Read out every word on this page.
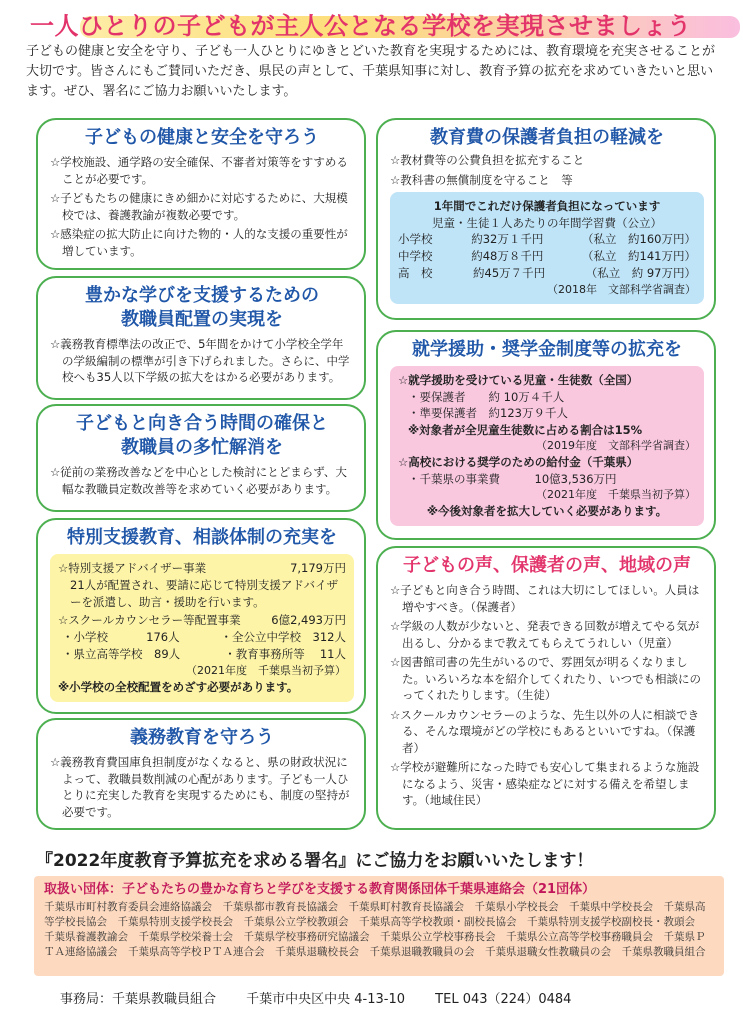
一人ひとりの子どもが主人公となる学校を実現させましょう

子どもの健康と安全を守り、子ども一人ひとりにゆきとどいた教育を実現するためには、教育環境を充実させることが大切です。皆さんにもご賛同いただき、県民の声として、千葉県知事に対し、教育予算の拡充を求めていきたいと思います。ぜひ、署名にご協力お願いいたします。

子どもの健康と安全を守ろう
☆学校施設、通学路の安全確保、不審者対策等をすすめることが必要です。
☆子どもたちの健康にきめ細かに対応するために、大規模校では、養護教諭が複数必要です。
☆感染症の拡大防止に向けた物的・人的な支援の重要性が増しています。
豊かな学びを支援するための
教職員配置の実現を
☆義務教育標準法の改正で、5年間をかけて小学校全学年の学級編制の標準が引き下げられました。さらに、中学校へも35人以下学級の拡大をはかる必要があります。
子どもと向き合う時間の確保と
教職員の多忙解消を
☆従前の業務改善などを中心とした検討にとどまらず、大幅な教職員定数改善等を求めていく必要があります。
特別支援教育、相談体制の充実を
☆特別支援アドバイザー事業	7,179万円

21人が配置され、要請に応じて特別支援アドバイザーを派遣し、助言・援助を行います。

☆スクールカウンセラー等配置事業	6億2,493万円
・小学校　　　 176人	・全公立中学校　312人
・県立高等学校　89人	・教育事務所等　 11人
（2021年度　千葉県当初予算）

※小学校の全校配置をめざす必要があります。

義務教育を守ろう
☆義務教育費国庫負担制度がなくなると、県の財政状況によって、教職員数削減の心配があります。子ども一人ひとりに充実した教育を実現するためにも、制度の堅持が必要です。
教育費の保護者負担の軽減を
☆教材費等の公費負担を拡充すること
☆教科書の無償制度を守ること　等

1年間でこれだけ保護者負担になっています

児童・生徒１人あたりの年間学習費（公立）

小学校	約32万１千円	（私立　約160万円）
中学校	約48万８千円	（私立　約141万円）
高　校	約45万７千円	（私立　約 97万円）
（2018年　文部科学省調査）
就学援助・奨学金制度等の拡充を

☆就学援助を受けている児童・生徒数（全国）

・要保護者　　約 10万４千人

・準要保護者　約123万９千人

※対象者が全児童生徒数に占める割合は15%

（2019年度　文部科学省調査）

☆高校における奨学のための給付金（千葉県）

・千葉県の事業費　　　10億3,536万円

（2021年度　千葉県当初予算）

※今後対象者を拡大していく必要があります。

子どもの声、保護者の声、地域の声
☆子どもと向き合う時間、これは大切にしてほしい。人員は増やすべき。（保護者）
☆学級の人数が少ないと、発表できる回数が増えてやる気が出るし、分かるまで教えてもらえてうれしい（児童）
☆図書館司書の先生がいるので、雰囲気が明るくなりました。いろいろな本を紹介してくれたり、いつでも相談にのってくれたりします。（生徒）
☆スクールカウンセラーのような、先生以外の人に相談できる、そんな環境がどの学校にもあるといいですね。（保護者）
☆学校が避難所になった時でも安心して集まれるような施設になるよう、災害・感染症などに対する備えを希望します。（地域住民）
『2022年度教育予算拡充を求める署名』にご協力をお願いいたします！
取扱い団体：子どもたちの豊かな育ちと学びを支援する教育関係団体千葉県連絡会（21団体）
千葉県市町村教育委員会連絡協議会　千葉県都市教育長協議会　千葉県町村教育長協議会　千葉県小学校長会　千葉県中学校長会　千葉県高等学校長協会　千葉県特別支援学校長会　千葉県公立学校教頭会　千葉県高等学校教頭・副校長協会　千葉県特別支援学校副校長・教頭会　千葉県養護教諭会　千葉県学校栄養士会　千葉県学校事務研究協議会　千葉県公立学校事務長会　千葉県公立高等学校事務職員会　千葉県ＰＴＡ連絡協議会　千葉県高等学校ＰＴＡ連合会　千葉県退職校長会　千葉県退職教職員の会　千葉県退職女性教職員の会　千葉県教職員組合
事務局：千葉県教職員組合 千葉市中央区中央 4-13-10 TEL 043（224）0484
